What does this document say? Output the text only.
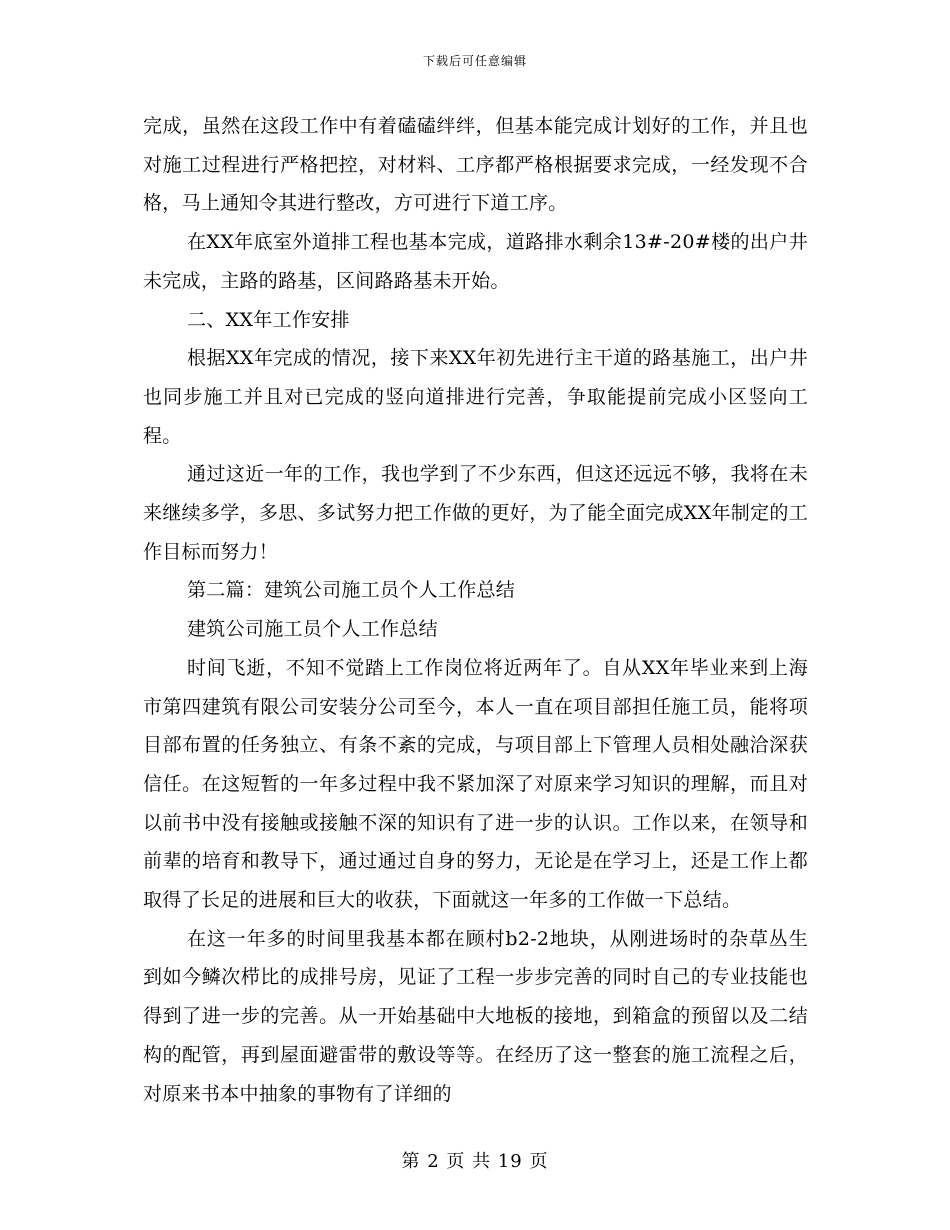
下载后可任意编辑

完成，虽然在这段工作中有着磕磕绊绊，但基本能完成计划好的工作，并且也对施工过程进行严格把控，对材料、工序都严格根据要求完成，一经发现不合格，马上通知令其进行整改，方可进行下道工序。

在XX年底室外道排工程也基本完成，道路排水剩余13#-20#楼的出户井未完成，主路的路基，区间路路基未开始。

二、XX年工作安排

根据XX年完成的情况，接下来XX年初先进行主干道的路基施工，出户井也同步施工并且对已完成的竖向道排进行完善，争取能提前完成小区竖向工程。

通过这近一年的工作，我也学到了不少东西，但这还远远不够，我将在未来继续多学，多思、多试努力把工作做的更好，为了能全面完成XX年制定的工作目标而努力！

第二篇：建筑公司施工员个人工作总结

建筑公司施工员个人工作总结

时间飞逝，不知不觉踏上工作岗位将近两年了。自从XX年毕业来到上海市第四建筑有限公司安装分公司至今，本人一直在项目部担任施工员，能将项目部布置的任务独立、有条不紊的完成，与项目部上下管理人员相处融洽深获信任。在这短暂的一年多过程中我不紧加深了对原来学习知识的理解，而且对以前书中没有接触或接触不深的知识有了进一步的认识。工作以来，在领导和前辈的培育和教导下，通过通过自身的努力，无论是在学习上，还是工作上都取得了长足的进展和巨大的收获，下面就这一年多的工作做一下总结。

在这一年多的时间里我基本都在顾村b2-2地块，从刚进场时的杂草丛生到如今鳞次栉比的成排号房，见证了工程一步步完善的同时自己的专业技能也得到了进一步的完善。从一开始基础中大地板的接地，到箱盒的预留以及二结构的配管，再到屋面避雷带的敷设等等。在经历了这一整套的施工流程之后，对原来书本中抽象的事物有了详细的

第 2 页 共 19 页
